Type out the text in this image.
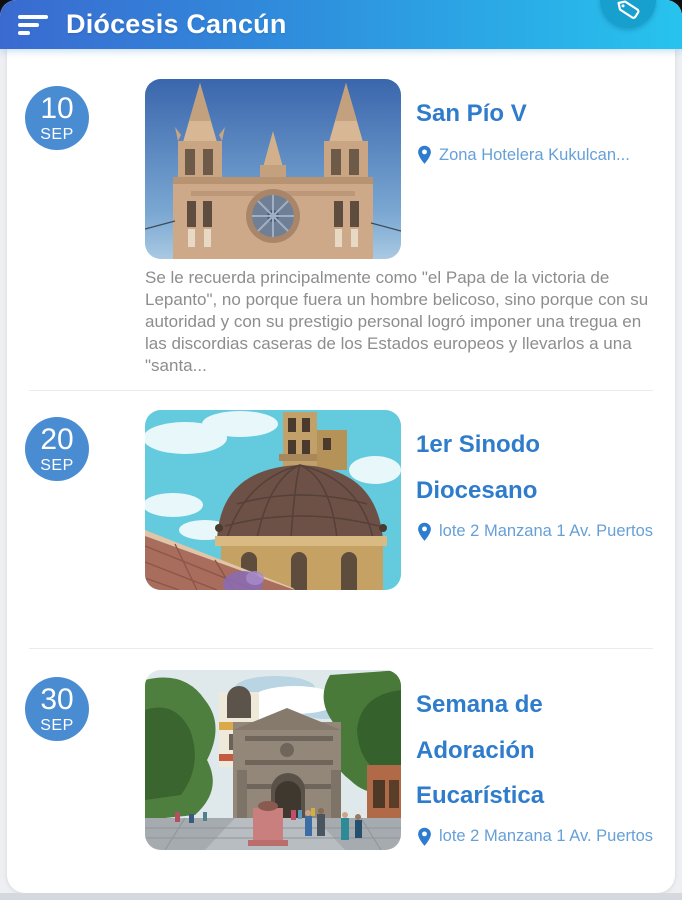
Diócesis Cancún
10
SEP
San Pío V
Zona Hotelera Kukulcan...
Se le recuerda principalmente como "el Papa de la victoria de Lepanto", no porque fuera un hombre belicoso, sino porque con su autoridad y con su prestigio personal logró imponer una tregua en las discordias caseras de los Estados europeos y llevarlos a una "santa...
20
SEP
1er Sinodo Diocesano
lote 2 Manzana 1 Av. Puertos
30
SEP
Semana de Adoración Eucarística
lote 2 Manzana 1 Av. Puertos
